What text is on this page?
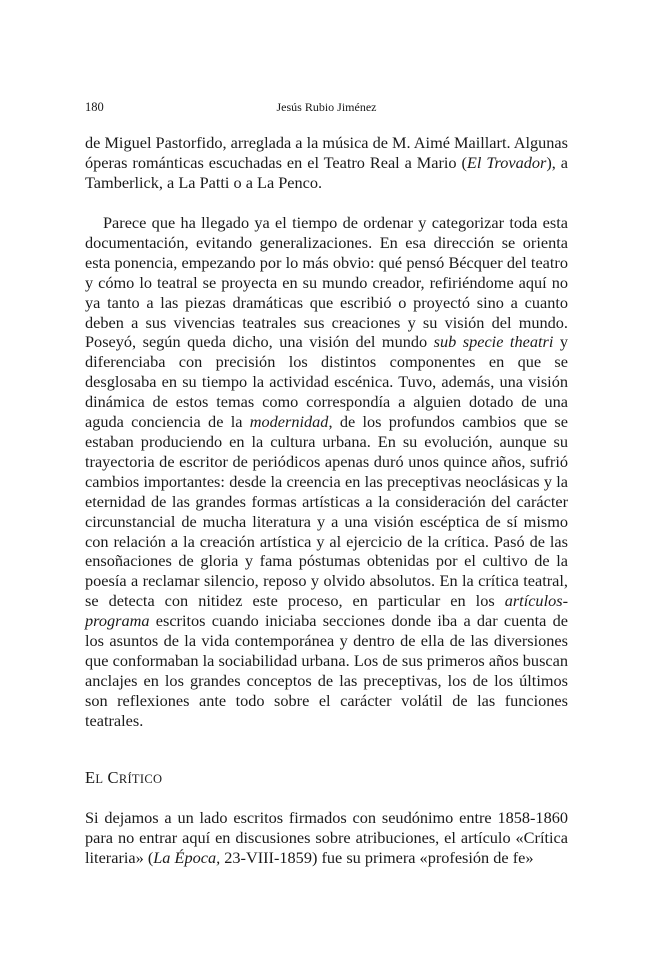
180	Jesús Rubio Jiménez

de Miguel Pastorfido, arreglada a la música de M. Aimé Maillart. Algunas óperas románticas escuchadas en el Teatro Real a Mario (El Trovador), a Tamberlick, a La Patti o a La Penco.

Parece que ha llegado ya el tiempo de ordenar y categorizar toda esta documentación, evitando generalizaciones. En esa dirección se orienta esta ponencia, empezando por lo más obvio: qué pensó Bécquer del teatro y cómo lo teatral se proyecta en su mundo creador, refiriéndome aquí no ya tanto a las piezas dramáticas que escribió o proyectó sino a cuanto deben a sus vivencias teatrales sus creaciones y su visión del mundo. Poseyó, según queda dicho, una visión del mundo sub specie theatri y diferenciaba con precisión los distintos componentes en que se desglosaba en su tiempo la actividad escénica. Tuvo, además, una visión dinámica de estos temas como correspondía a alguien dotado de una aguda conciencia de la modernidad, de los profundos cambios que se estaban produciendo en la cultura urbana. En su evolución, aunque su trayectoria de escritor de periódicos apenas duró unos quince años, sufrió cambios importantes: desde la creencia en las preceptivas neoclásicas y la eternidad de las grandes formas artísticas a la consideración del carácter circunstancial de mucha literatura y a una visión escéptica de sí mismo con relación a la creación artística y al ejercicio de la crítica. Pasó de las ensoñaciones de gloria y fama póstumas obtenidas por el cultivo de la poesía a reclamar silencio, reposo y olvido absolutos. En la crítica teatral, se detecta con nitidez este proceso, en particular en los artículos-programa escritos cuando iniciaba secciones donde iba a dar cuenta de los asuntos de la vida contemporánea y dentro de ella de las diversiones que conformaban la sociabilidad urbana. Los de sus primeros años buscan anclajes en los grandes conceptos de las preceptivas, los de los últimos son reflexiones ante todo sobre el carácter volátil de las funciones teatrales.

EL CRÍTICO

Si dejamos a un lado escritos firmados con seudónimo entre 1858-1860 para no entrar aquí en discusiones sobre atribuciones, el artículo «Crítica literaria» (La Época, 23-VIII-1859) fue su primera «profesión de fe»
